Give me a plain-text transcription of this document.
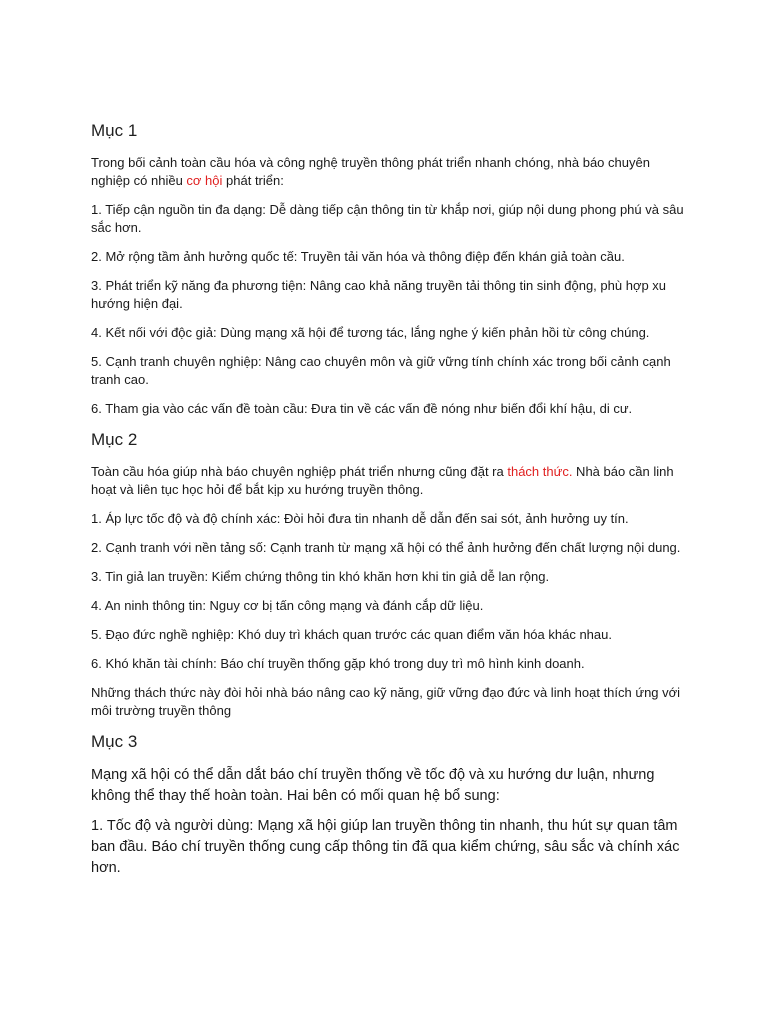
Mục 1

Trong bối cảnh toàn cầu hóa và công nghệ truyền thông phát triển nhanh chóng, nhà báo chuyên nghiệp có nhiều cơ hội phát triển:

1. Tiếp cận nguồn tin đa dạng: Dễ dàng tiếp cận thông tin từ khắp nơi, giúp nội dung phong phú và sâu sắc hơn.

2. Mở rộng tầm ảnh hưởng quốc tế: Truyền tải văn hóa và thông điệp đến khán giả toàn cầu.

3. Phát triển kỹ năng đa phương tiện: Nâng cao khả năng truyền tải thông tin sinh động, phù hợp xu hướng hiện đại.

4. Kết nối với độc giả: Dùng mạng xã hội để tương tác, lắng nghe ý kiến phản hồi từ công chúng.

5. Cạnh tranh chuyên nghiệp: Nâng cao chuyên môn và giữ vững tính chính xác trong bối cảnh cạnh tranh cao.

6. Tham gia vào các vấn đề toàn cầu: Đưa tin về các vấn đề nóng như biến đổi khí hậu, di cư.

Mục 2

Toàn cầu hóa giúp nhà báo chuyên nghiệp phát triển nhưng cũng đặt ra thách thức. Nhà báo cần linh hoạt và liên tục học hỏi để bắt kịp xu hướng truyền thông.

1. Áp lực tốc độ và độ chính xác: Đòi hỏi đưa tin nhanh dễ dẫn đến sai sót, ảnh hưởng uy tín.

2. Cạnh tranh với nền tảng số: Cạnh tranh từ mạng xã hội có thể ảnh hưởng đến chất lượng nội dung.

3. Tin giả lan truyền: Kiểm chứng thông tin khó khăn hơn khi tin giả dễ lan rộng.

4. An ninh thông tin: Nguy cơ bị tấn công mạng và đánh cắp dữ liệu.

5. Đạo đức nghề nghiệp: Khó duy trì khách quan trước các quan điểm văn hóa khác nhau.

6. Khó khăn tài chính: Báo chí truyền thống gặp khó trong duy trì mô hình kinh doanh.

Những thách thức này đòi hỏi nhà báo nâng cao kỹ năng, giữ vững đạo đức và linh hoạt thích ứng với môi trường truyền thông

Mục 3

Mạng xã hội có thể dẫn dắt báo chí truyền thống về tốc độ và xu hướng dư luận, nhưng không thể thay thế hoàn toàn. Hai bên có mối quan hệ bổ sung:

1. Tốc độ và người dùng: Mạng xã hội giúp lan truyền thông tin nhanh, thu hút sự quan tâm ban đầu. Báo chí truyền thống cung cấp thông tin đã qua kiểm chứng, sâu sắc và chính xác hơn.
